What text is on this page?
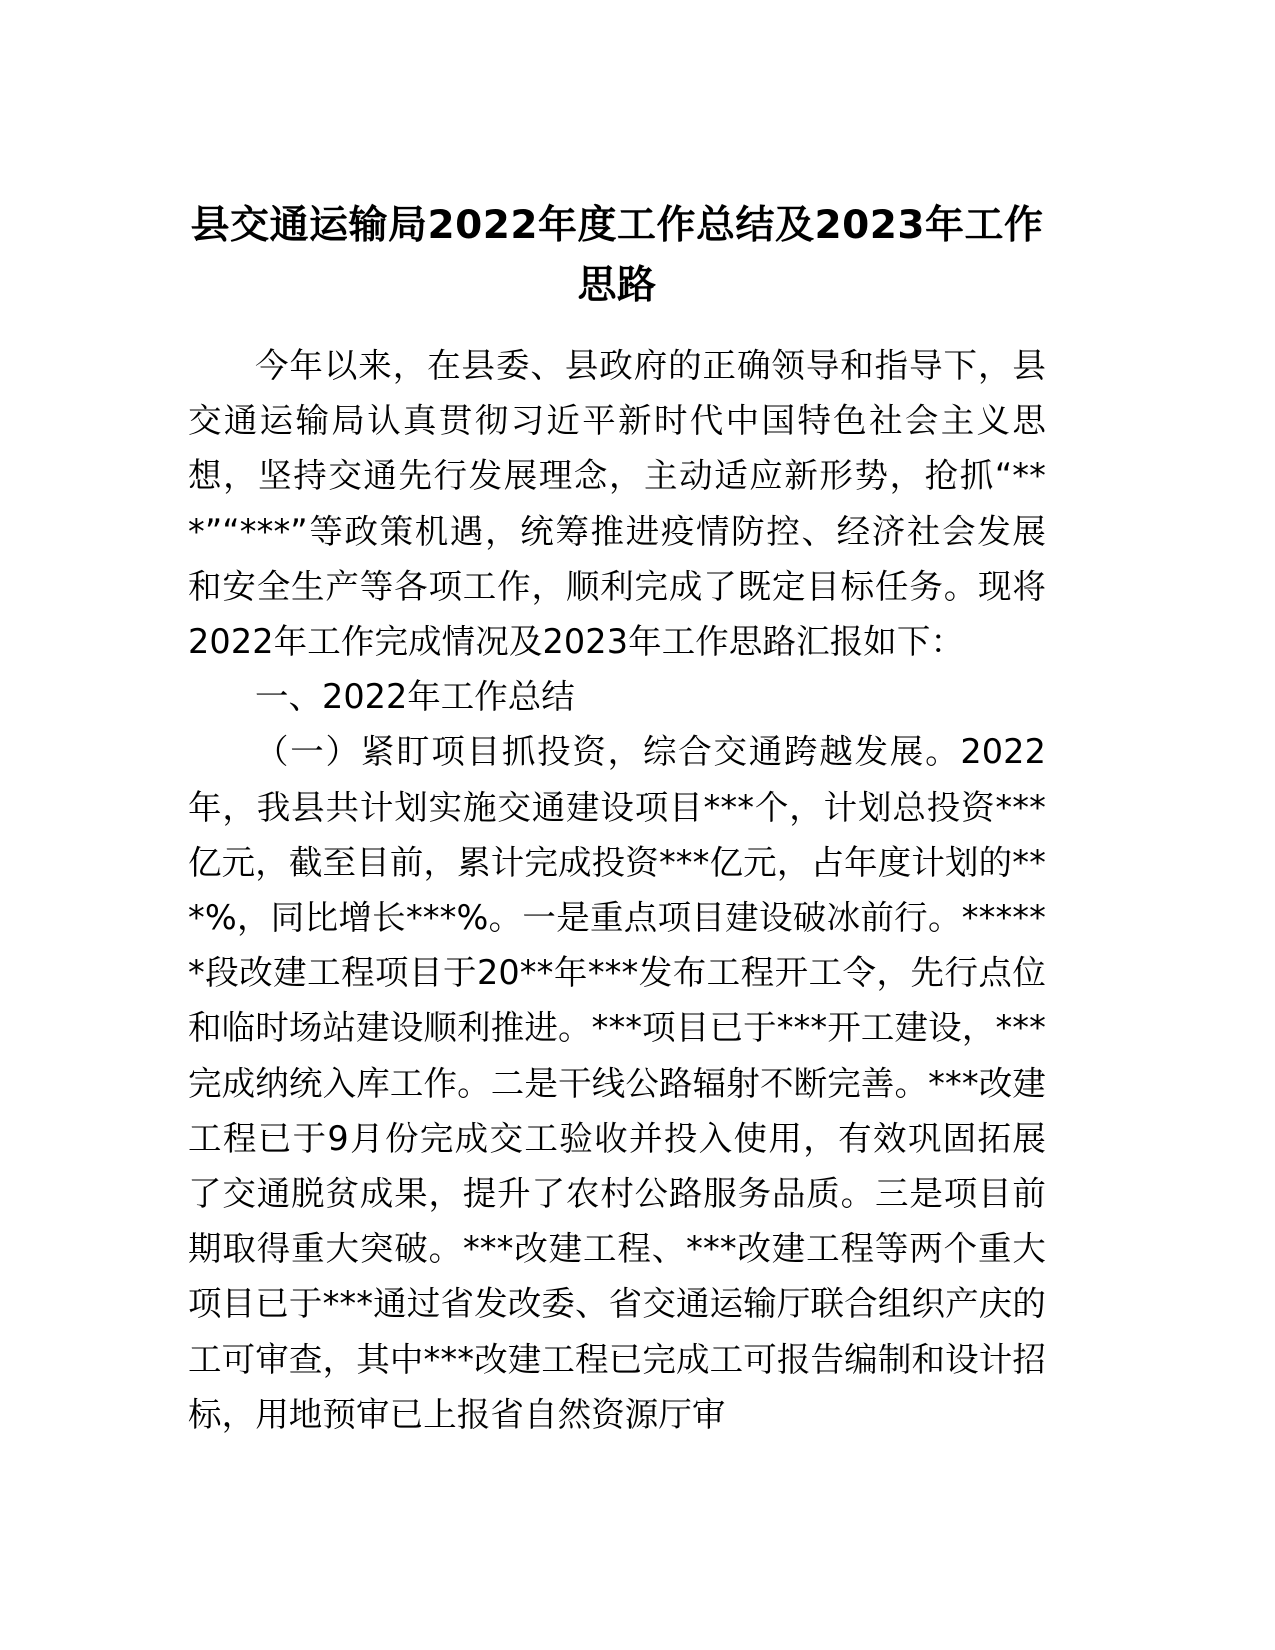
县交通运输局2022年度工作总结及2023年工作思路

今年以来，在县委、县政府的正确领导和指导下，县交通运输局认真贯彻习近平新时代中国特色社会主义思想，坚持交通先行发展理念，主动适应新形势，抢抓“***”“***”等政策机遇，统筹推进疫情防控、经济社会发展和安全生产等各项工作，顺利完成了既定目标任务。现将2022年工作完成情况及2023年工作思路汇报如下：

一、2022年工作总结

（一）紧盯项目抓投资，综合交通跨越发展。2022年，我县共计划实施交通建设项目***个，计划总投资***亿元，截至目前，累计完成投资***亿元，占年度计划的***%，同比增长***%。一是重点项目建设破冰前行。******段改建工程项目于20**年***发布工程开工令，先行点位和临时场站建设顺利推进。***项目已于***开工建设，***完成纳统入库工作。二是干线公路辐射不断完善。***改建工程已于9月份完成交工验收并投入使用，有效巩固拓展了交通脱贫成果，提升了农村公路服务品质。三是项目前期取得重大突破。***改建工程、***改建工程等两个重大项目已于***通过省发改委、省交通运输厅联合组织产庆的工可审查，其中***改建工程已完成工可报告编制和设计招标，用地预审已上报省自然资源厅审
